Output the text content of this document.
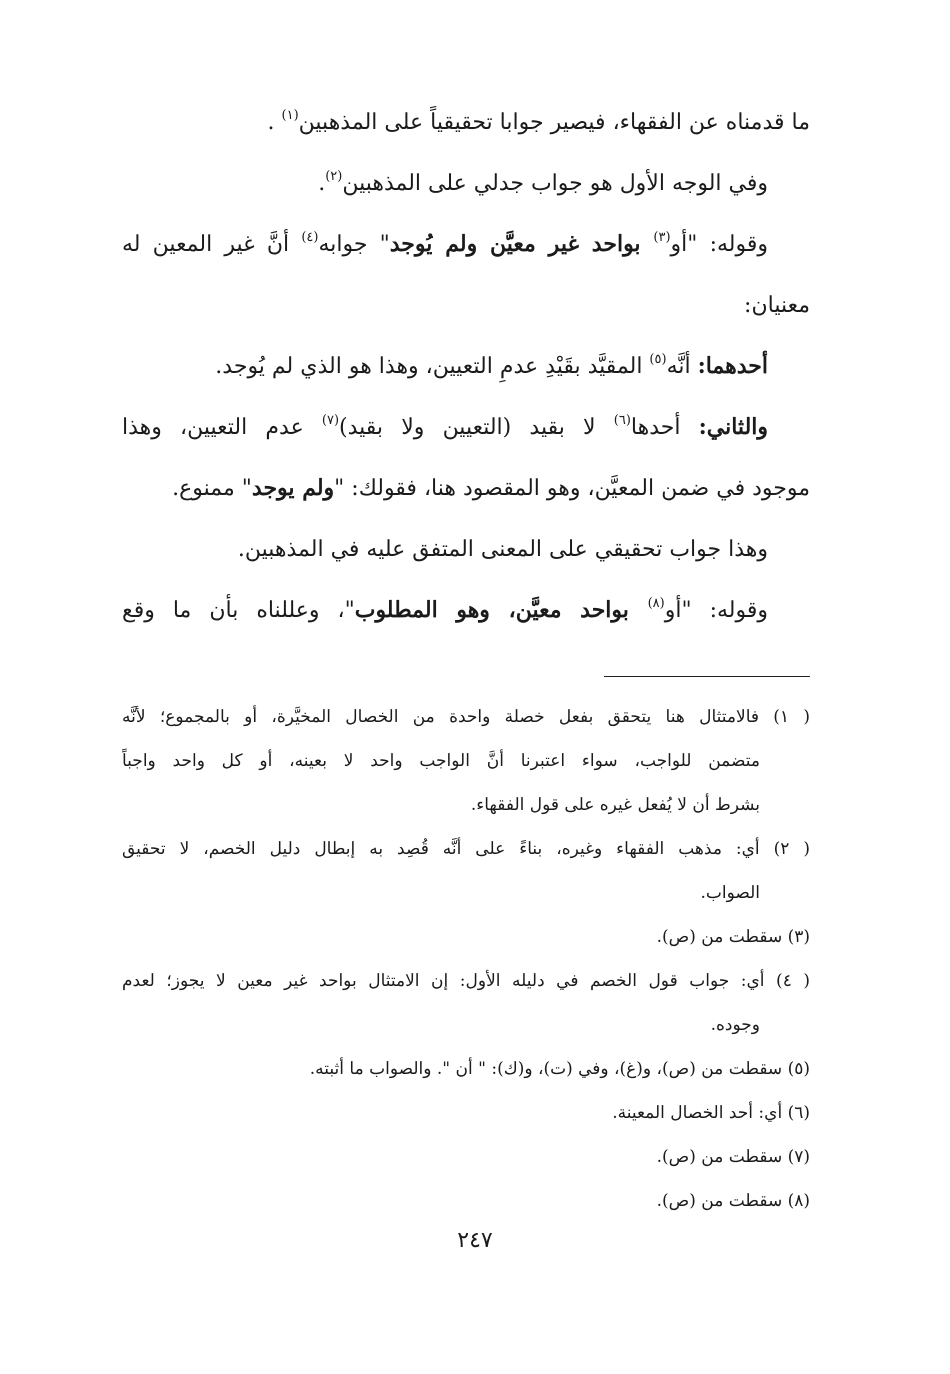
ما قدمناه عن الفقهاء، فيصير جوابا تحقيقياً على المذهبين$^{(١)}$ .

وفي الوجه الأول هو جواب جدلي على المذهبين$^{(٢)}$.

وقوله: "أو$^{(٣)}$ بواحد غير معيَّن ولم يُوجد" جوابه$^{(٤)}$ أنَّ غير المعين له

معنيان:

أحدهما: أنَّه$^{(٥)}$ المقيَّد بقَيْدِ عدمِ التعيين، وهذا هو الذي لم يُوجد.

والثاني: أحدها$^{(٦)}$ لا بقيد (التعيين ولا بقيد)$^{(٧)}$ عدم التعيين، وهذا

موجود في ضمن المعيَّن، وهو المقصود هنا، فقولك: "ولم يوجد" ممنوع.

وهذا جواب تحقيقي على المعنى المتفق عليه في المذهبين.

وقوله: "أو$^{(٨)}$ بواحد معيَّن، وهو المطلوب"، وعللناه بأن ما وقع

( ١) فالامتثال هنا يتحقق بفعل خصلة واحدة من الخصال المخيَّرة، أو بالمجموع؛ لأنَّه

متضمن للواجب، سواء اعتبرنا أنَّ الواجب واحد لا بعينه، أو كل واحد واجباً

بشرط أن لا يُفعل غيره على قول الفقهاء.

( ٢) أي: مذهب الفقهاء وغيره، بناءً على أنَّه قُصِد به إبطال دليل الخصم، لا تحقيق

الصواب.

(٣) سقطت من (ص).

( ٤) أي: جواب قول الخصم في دليله الأول: إن الامتثال بواحد غير معين لا يجوز؛ لعدم

وجوده.

(٥) سقطت من (ص)، و(غ)، وفي (ت)، و(ك): " أن ". والصواب ما أثبته.

(٦) أي: أحد الخصال المعينة.

(٧) سقطت من (ص).

(٨) سقطت من (ص).

٢٤٧
